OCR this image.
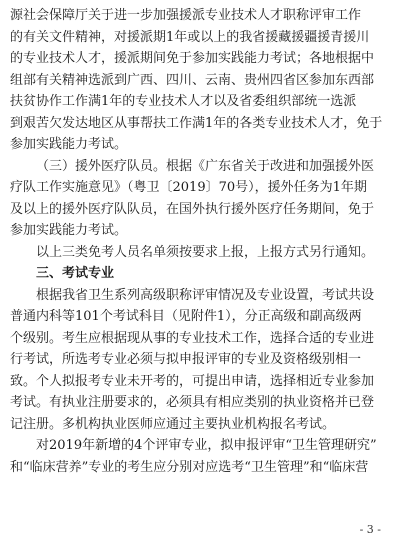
源社会保障厅关于进一步加强援派专业技术人才职称评审工作
的有关文件精神，对援派期1年或以上的我省援藏援疆援青援川
的专业技术人才，援派期间免于参加实践能力考试；各地根据中
组部有关精神选派到广西、四川、云南、贵州四省区参加东西部
扶贫协作工作满1年的专业技术人才以及省委组织部统一选派
到艰苦欠发达地区从事帮扶工作满1年的各类专业技术人才，免于
参加实践能力考试。
（三）援外医疗队员。根据《广东省关于改进和加强援外医
疗队工作实施意见》（粤卫〔2019〕70号），援外任务为1年期
及以上的援外医疗队队员，在国外执行援外医疗任务期间，免于
参加实践能力考试。
以上三类免考人员名单须按要求上报，上报方式另行通知。
三、考试专业
根据我省卫生系列高级职称评审情况及专业设置，考试共设
普通内科等101个考试科目（见附件1），分正高级和副高级两
个级别。考生应根据现从事的专业技术工作，选择合适的专业进
行考试，所选考专业必须与拟申报评审的专业及资格级别相一
致。个人拟报考专业未开考的，可提出申请，选择相近专业参加
考试。有执业注册要求的，必须具有相应类别的执业资格并已登
记注册。多机构执业医师应通过主要执业机构报名考试。
对2019年新增的4个评审专业，拟申报评审“卫生管理研究”
和“临床营养”专业的考生应分别对应选考“卫生管理”和“临床营
- 3 -
